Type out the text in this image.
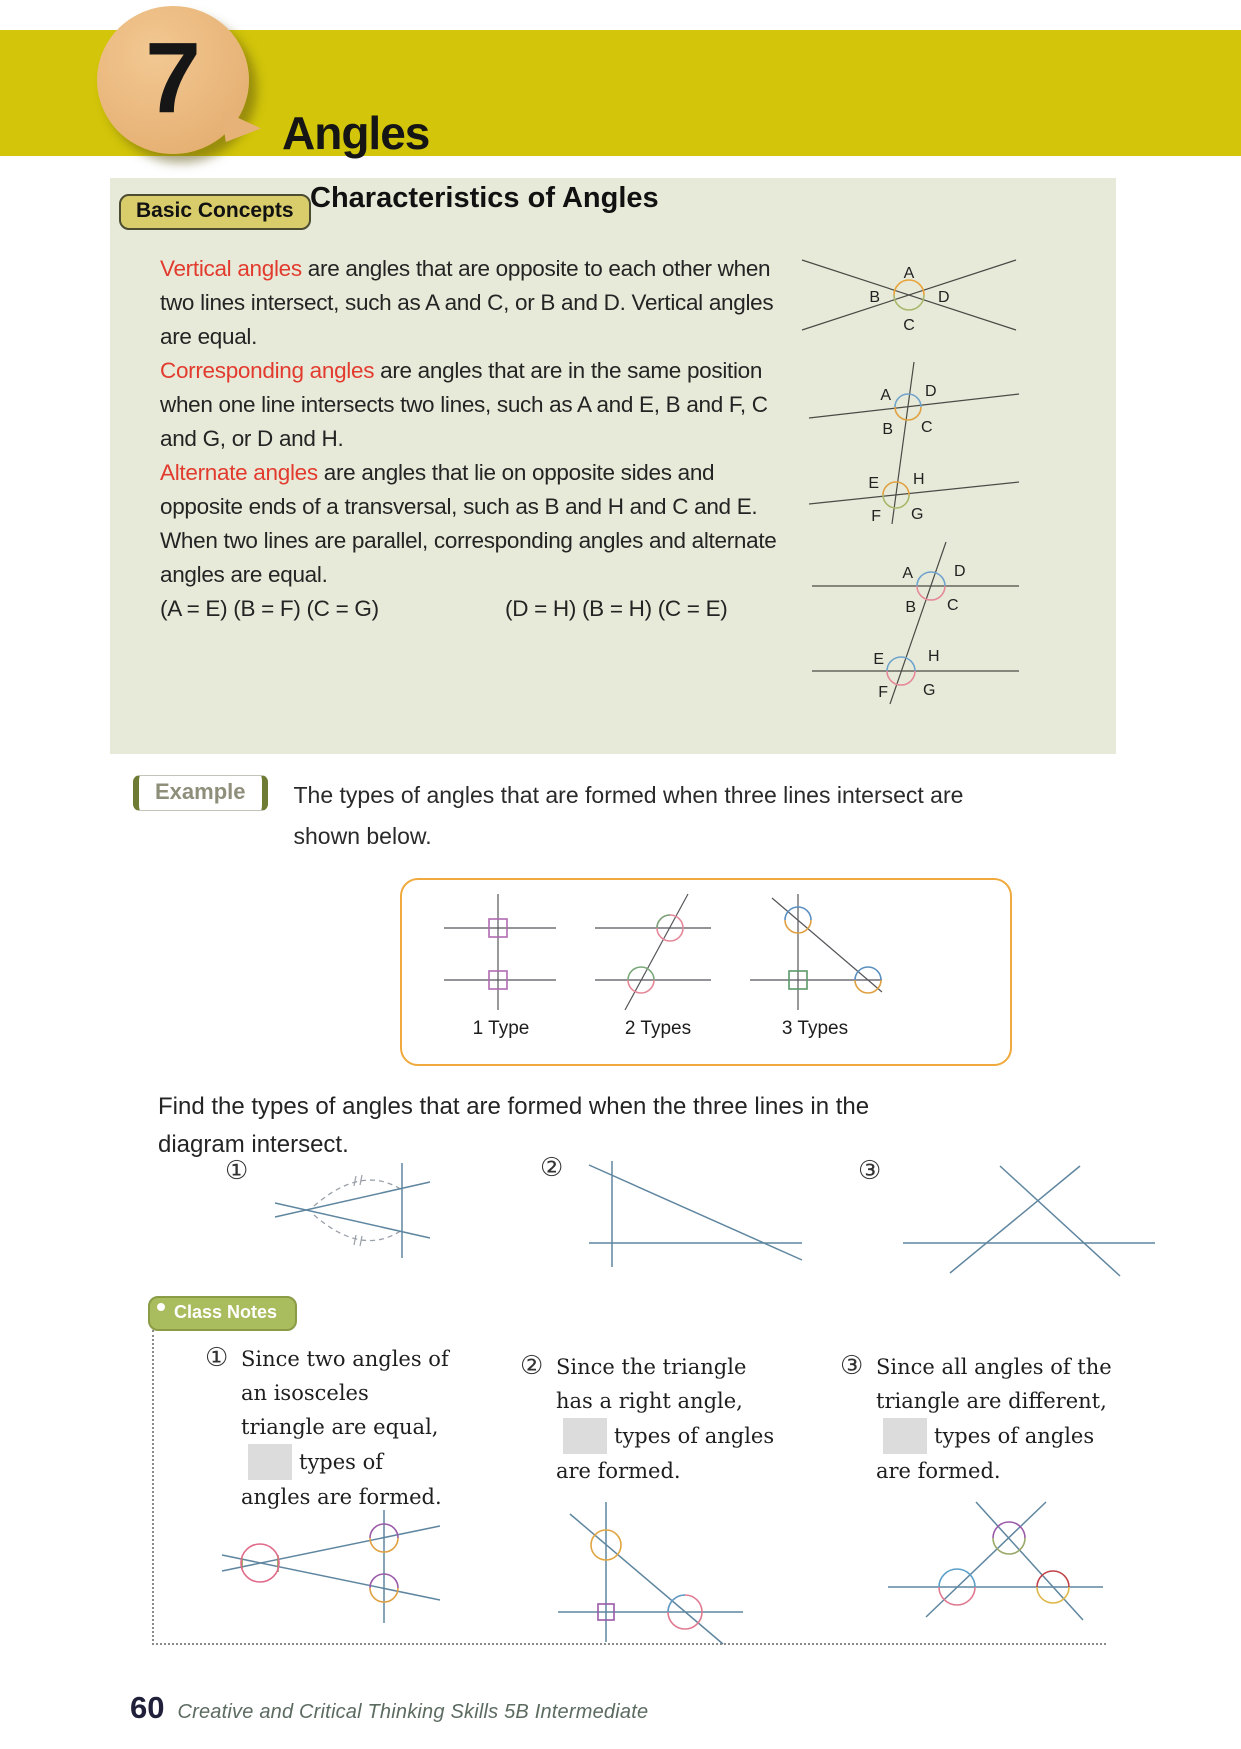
Angles
7
Basic Concepts Characteristics of Angles

Vertical angles are angles that are opposite to each other when two lines intersect, such as A and C, or B and D. Vertical angles are equal.

Corresponding angles are angles that are in the same position when one line intersects two lines, such as A and E, B and F, C and G, or D and H.

Alternate angles are angles that lie on opposite sides and opposite ends of a transversal, such as B and H and C and E.

When two lines are parallel, corresponding angles and alternate angles are equal.

(A = E) (B = F) (C = G)	(D = H) (B = H) (C = E)

A
B	D
C
A D
B C
E H
F G
A	D
B C
E	H
F G
Example	The types of angles that are formed when three lines intersect are shown below.
1 Type	2 Types	3 Types
Find the types of angles that are formed when the three lines in the diagram intersect.
①	②	③
Class Notes
① Since two angles of an isosceles triangle are equal,types of angles are formed.
② Since the triangle has a right angle,types of angles are formed.
③ Since all angles of the triangle are different,types of angles are formed.
60 Creative and Critical Thinking Skills 5B Intermediate
